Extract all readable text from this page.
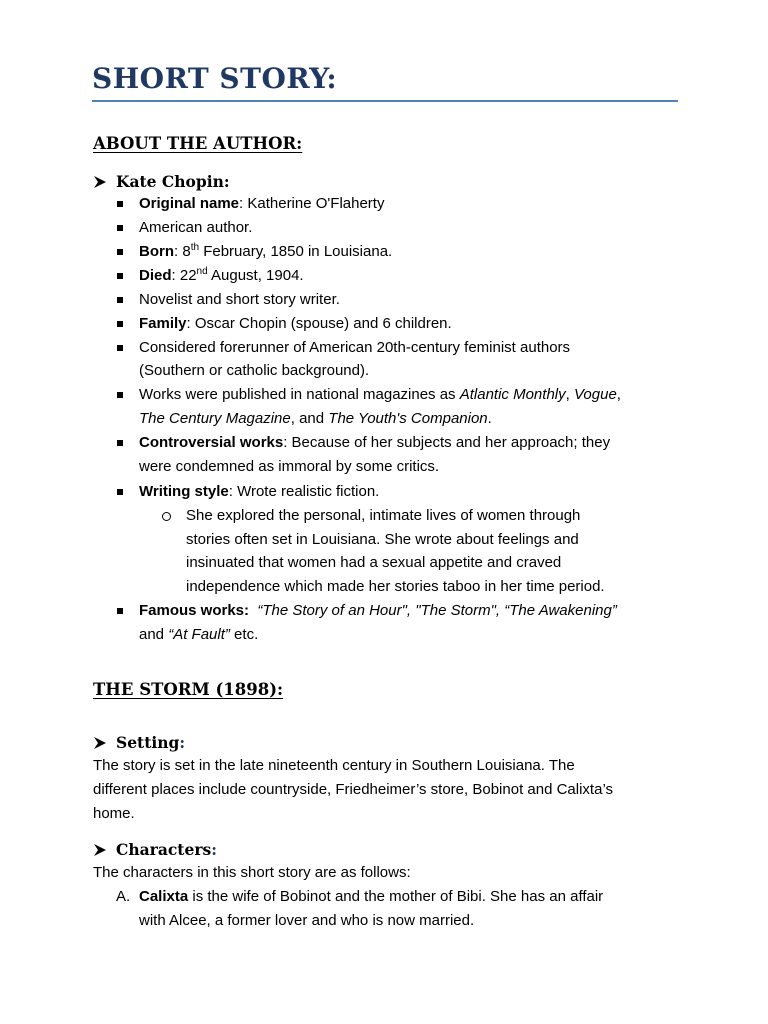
SHORT STORY:
ABOUT THE AUTHOR:
Kate Chopin:
Original name: Katherine O'Flaherty
American author.
Born: 8th February, 1850 in Louisiana.
Died: 22nd August, 1904.
Novelist and short story writer.
Family: Oscar Chopin (spouse) and 6 children.
Considered forerunner of American 20th-century feminist authors
(Southern or catholic background).
Works were published in national magazines as Atlantic Monthly, Vogue,
The Century Magazine, and The Youth's Companion.
Controversial works: Because of her subjects and her approach; they
were condemned as immoral by some critics.
Writing style: Wrote realistic fiction.
She explored the personal, intimate lives of women through
stories often set in Louisiana. She wrote about feelings and
insinuated that women had a sexual appetite and craved
independence which made her stories taboo in her time period.
Famous works: “The Story of an Hour", "The Storm", “The Awakening”
and “At Fault” etc.
THE STORM (1898):
Setting :
The story is set in the late nineteenth century in Southern Louisiana. The
different places include countryside, Friedheimer’s store, Bobinot and Calixta’s
home.
Characters :
The characters in this short story are as follows:
A. Calixta is the wife of Bobinot and the mother of Bibi. She has an affair
with Alcee, a former lover and who is now married.
